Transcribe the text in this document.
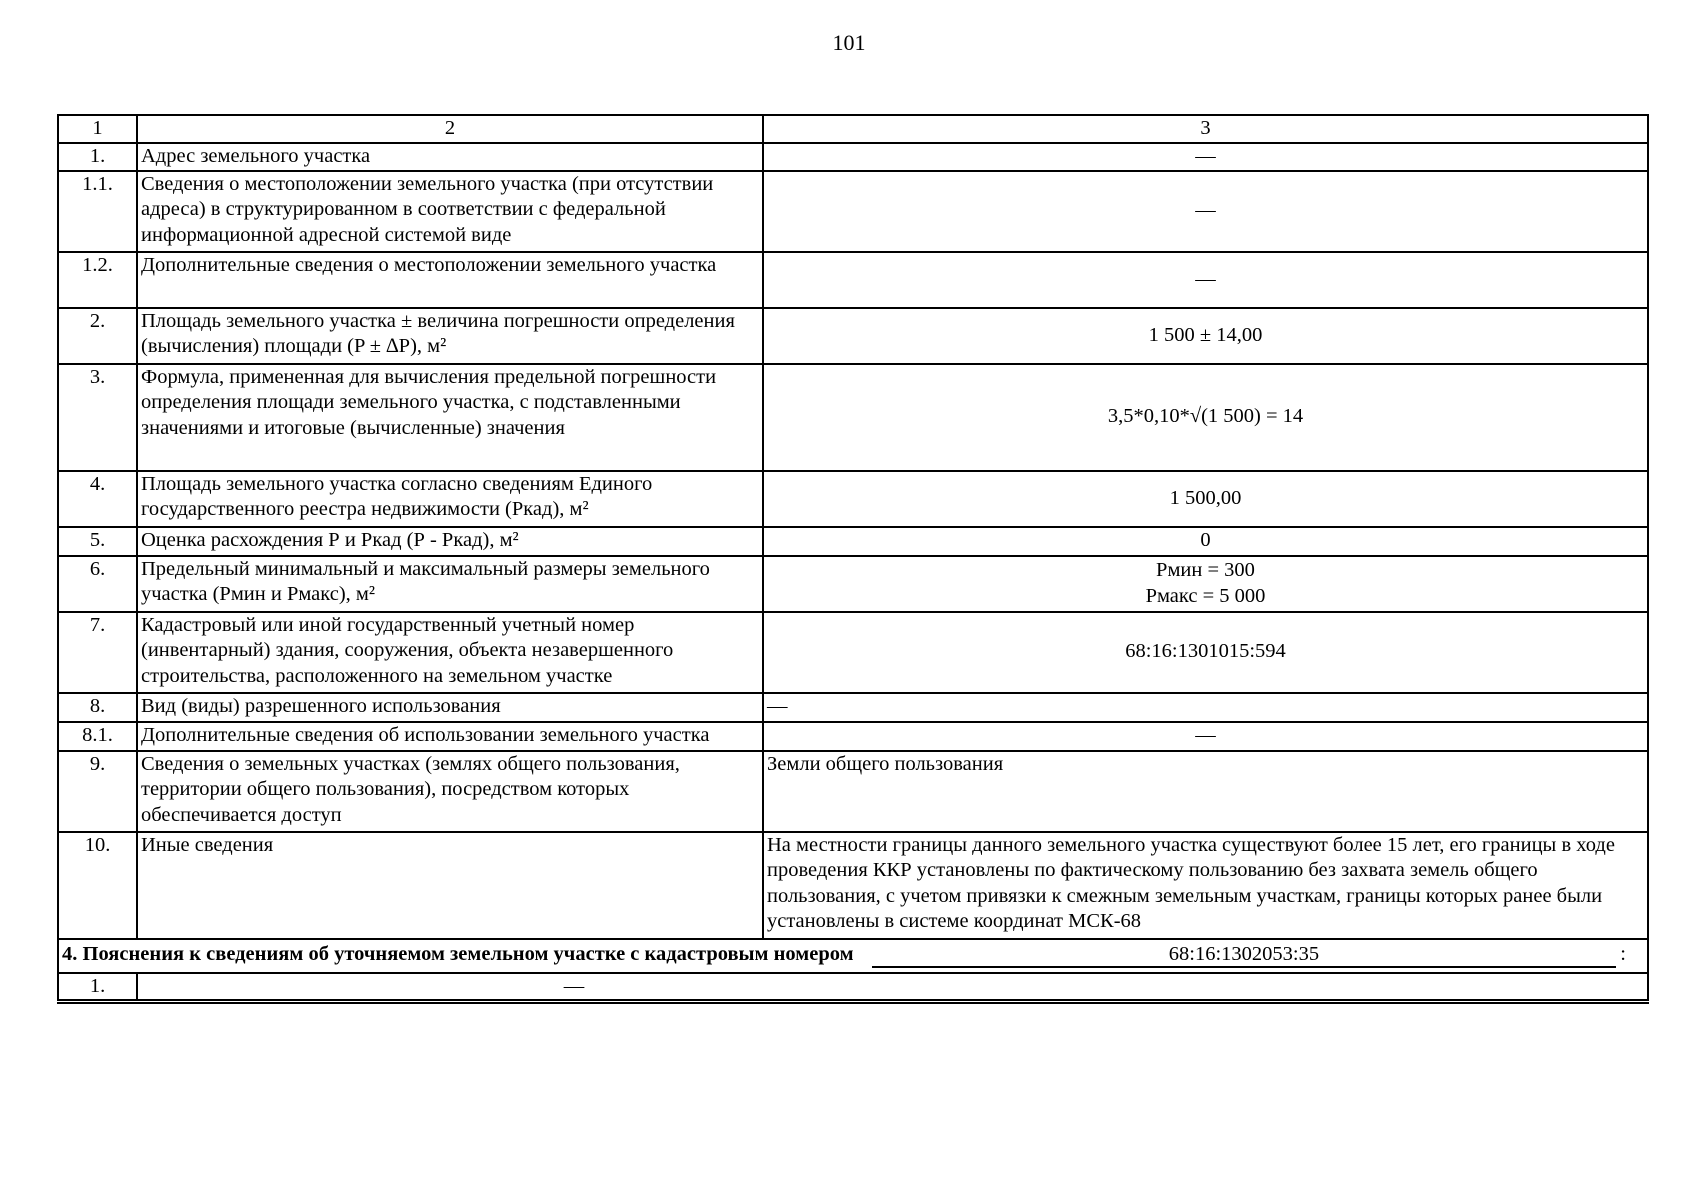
101
1	2	3
1.	Адрес земельного участка	—
1.1.	Сведения о местоположении земельного участка (при отсутствии адреса) в структурированном в соответствии с федеральной информационной адресной системой виде	—
1.2.	Дополнительные сведения о местоположении земельного участка	—
2.	Площадь земельного участка ± величина погрешности определения (вычисления) площади (P ± ∆P), м²	1 500 ± 14,00
3.	Формула, примененная для вычисления предельной погрешности определения площади земельного участка, с подставленными значениями и итоговые (вычисленные) значения	3,5*0,10*√(1 500) = 14
4.	Площадь земельного участка согласно сведениям Единого государственного реестра недвижимости (Ркад), м²	1 500,00
5.	Оценка расхождения Р и Ркад (Р - Ркад), м²	0
6.	Предельный минимальный и максимальный размеры земельного участка (Pмин и Pмакс), м²	Pмин = 300
Pмакс = 5 000

7.	Кадастровый или иной государственный учетный номер (инвентарный) здания, сооружения, объекта незавершенного строительства, расположенного на земельном участке	68:16:1301015:594
8.	Вид (виды) разрешенного использования	—
8.1.	Дополнительные сведения об использовании земельного участка	—
9.	Сведения о земельных участках (землях общего пользования, территории общего пользования), посредством которых обеспечивается доступ	Земли общего пользования
10.	Иные сведения	На местности границы данного земельного участка существуют более 15 лет, его границы в ходе проведения ККР установлены по фактическому пользованию без захвата земель общего пользования, с учетом привязки к смежным земельным участкам, границы которых ранее были установлены в системе координат МСК-68

4. Пояснения к сведениям об уточняемом земельном участке с кадастровым номером 68:16:1302053:35 :		

1.	—	
